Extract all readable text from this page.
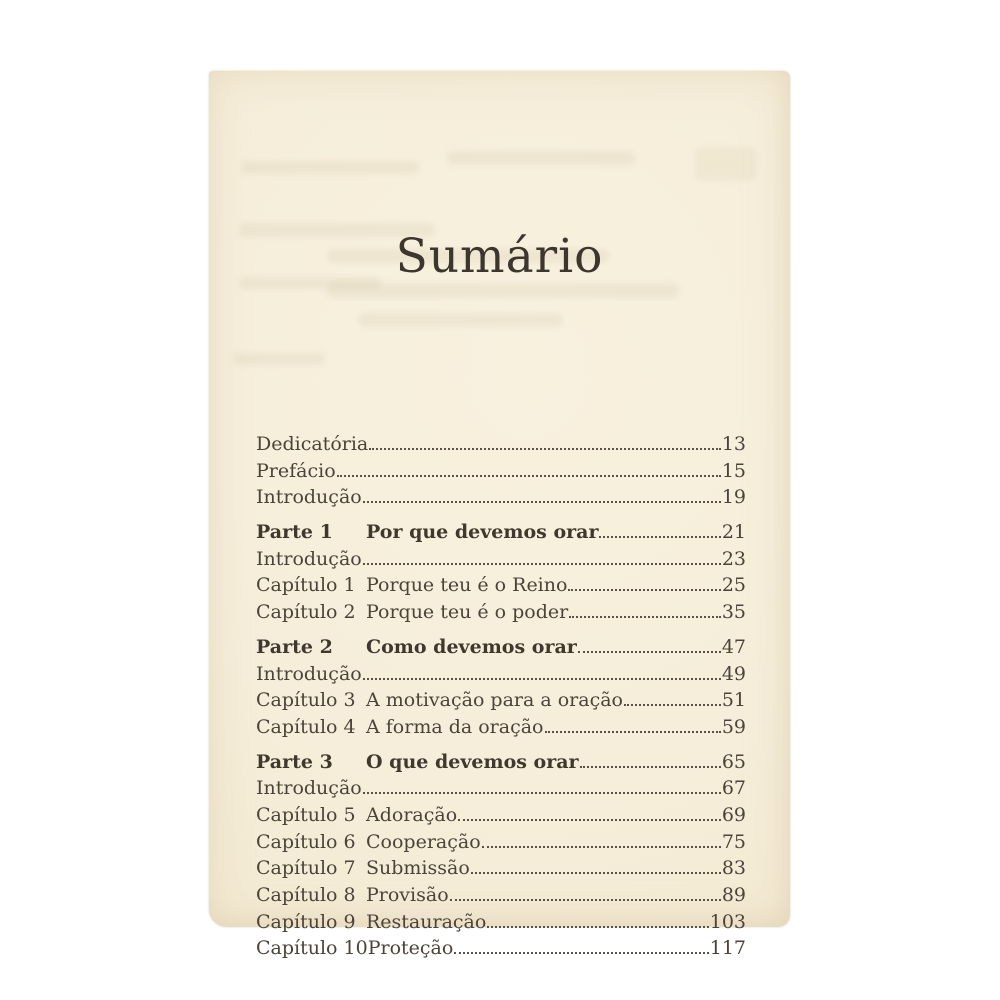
Sumário
Dedicatória	13
Prefácio	15
Introdução	19
Parte 1	Por que devemos orar	21
Introdução	23
Capítulo 1 Porque teu é o Reino	25
Capítulo 2 Porque teu é o poder	35
Parte 2	Como devemos orar	47
Introdução	49
Capítulo 3 A motivação para a oração	51
Capítulo 4 A forma da oração	59
Parte 3	O que devemos orar	65
Introdução	67
Capítulo 5 Adoração	69
Capítulo 6 Cooperação	75
Capítulo 7 Submissão	83
Capítulo 8 Provisão	89
Capítulo 9 Restauração	103
Capítulo 10 Proteção	117
